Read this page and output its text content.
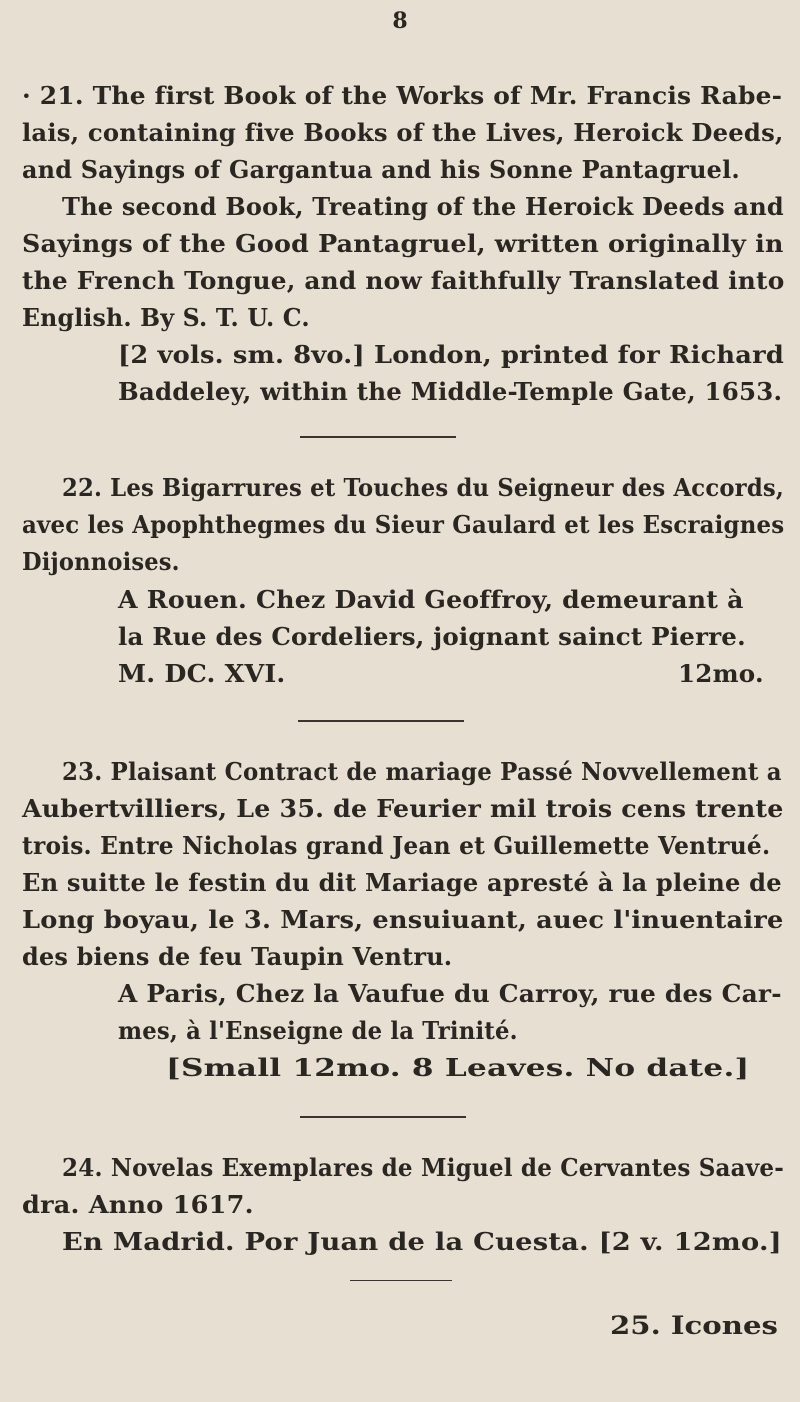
8
· 21. The first Book of the Works of Mr. Francis Rabe-
lais, containing five Books of the Lives, Heroick Deeds,
and Sayings of Gargantua and his Sonne Pantagruel.
The second Book, Treating of the Heroick Deeds and
Sayings of the Good Pantagruel, written originally in
the French Tongue, and now faithfully Translated into
English. By S. T. U. C.
[2 vols. sm. 8vo.] London, printed for Richard
Baddeley, within the Middle-Temple Gate, 1653.
22. Les Bigarrures et Touches du Seigneur des Accords,
avec les Apophthegmes du Sieur Gaulard et les Escraignes
Dijonnoises.
A Rouen. Chez David Geoffroy, demeurant à
la Rue des Cordeliers, joignant sainct Pierre.
M. DC. XVI.	12mo.
23. Plaisant Contract de mariage Passé Novvellement a
Aubertvilliers, Le 35. de Feurier mil trois cens trente
trois. Entre Nicholas grand Jean et Guillemette Ventrué.
En suitte le festin du dit Mariage apresté à la pleine de
Long boyau, le 3. Mars, ensuiuant, auec l'inuentaire
des biens de feu Taupin Ventru.
A Paris, Chez la Vaufue du Carroy, rue des Car-
mes, à l'Enseigne de la Trinité.
[Small 12mo. 8 Leaves. No date.]
24. Novelas Exemplares de Miguel de Cervantes Saave-
dra. Anno 1617.
En Madrid. Por Juan de la Cuesta. [2 v. 12mo.]
25. Icones
